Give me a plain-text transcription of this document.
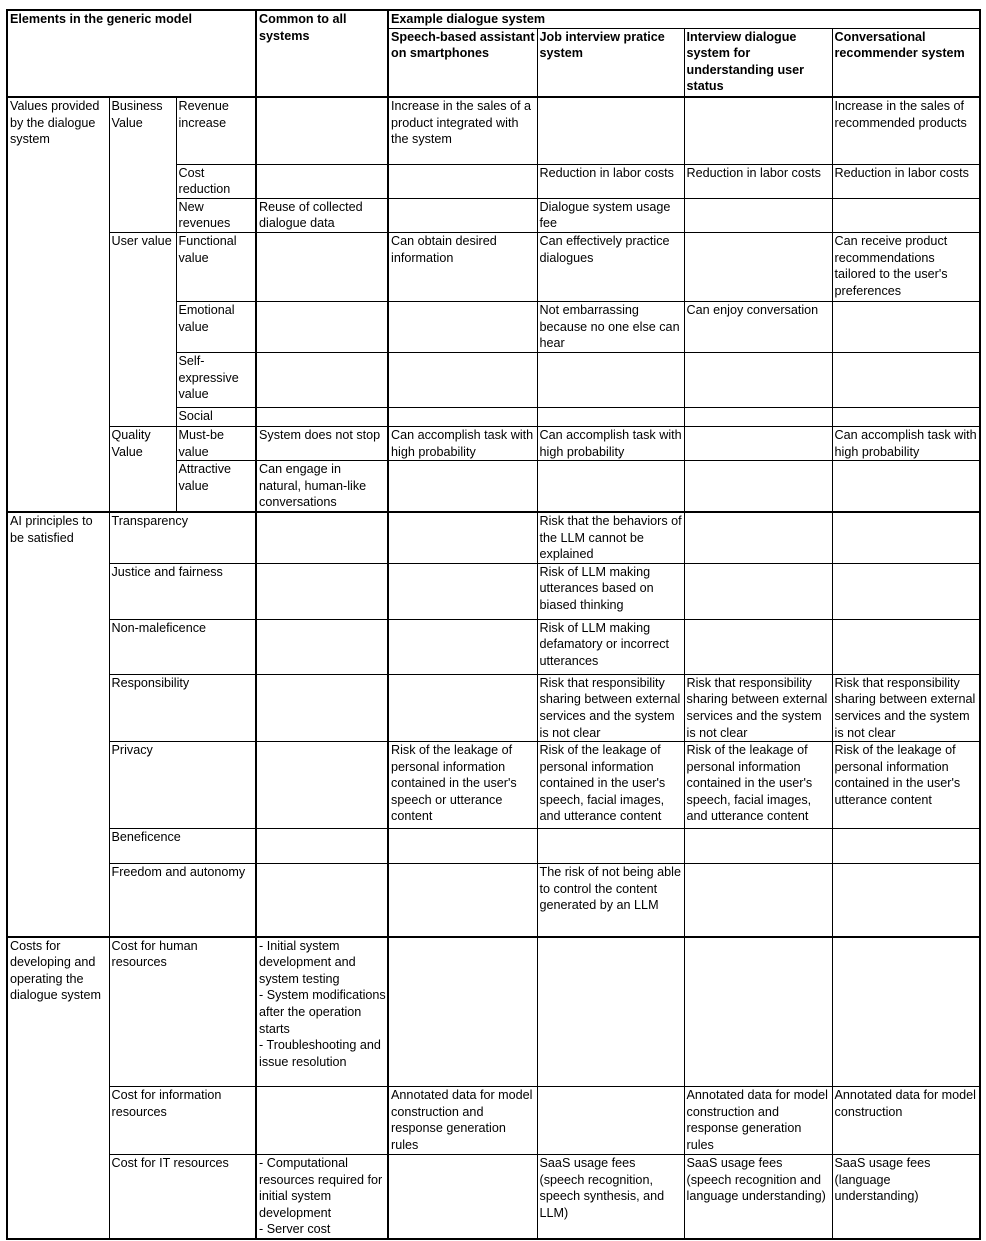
Elements in the generic model			Common to all systems	Example dialogue system			
				Speech-based assistant on smartphones	Job interview pratice system	Interview dialogue system for understanding user status	Conversational recommender system
Values provided by the dialogue system	Business Value	Revenue increase		Increase in the sales of a product integrated with the system			Increase in the sales of recommended products
		Cost reduction			Reduction in labor costs	Reduction in labor costs	Reduction in labor costs
		New revenues	Reuse of collected dialogue data		Dialogue system usage fee		
	User value	Functional value		Can obtain desired information	Can effectively practice dialogues		Can receive product recommendations tailored to the user's preferences
		Emotional value			Not embarrassing because no one else can hear	Can enjoy conversation	
		Self-
expressive value					
		Social					
	Quality Value	Must-be value	System does not stop	Can accomplish task with high probability	Can accomplish task with high probability		Can accomplish task with high probability
		Attractive value	Can engage in natural, human-like conversations				
AI principles to be satisfied	Transparency				Risk that the behaviors of the LLM cannot be explained		
	Justice and fairness				Risk of LLM making utterances based on biased thinking		
	Non-maleficence				Risk of LLM making defamatory or incorrect utterances		
	Responsibility				Risk that responsibility sharing between external services and the system is not clear	Risk that responsibility sharing between external services and the system is not clear	Risk that responsibility sharing between external services and the system is not clear
	Privacy			Risk of the leakage of personal information contained in the user's speech or utterance content	Risk of the leakage of personal information contained in the user's speech, facial images, and utterance content	Risk of the leakage of personal information contained in the user's speech, facial images, and utterance content	Risk of the leakage of personal information contained in the user's utterance content
	Beneficence						
	Freedom and autonomy				The risk of not being able to control the content generated by an LLM		
Costs for developing and operating the dialogue system	Cost for human resources		- Initial system development and system testing
- System modifications after the operation starts
- Troubleshooting and issue resolution				
	Cost for information resources			Annotated data for model construction and response generation rules		Annotated data for model construction and response generation rules	Annotated data for model construction
	Cost for IT resources		- Computational resources required for initial system development
- Server cost		SaaS usage fees (speech recognition, speech synthesis, and LLM)	SaaS usage fees (speech recognition and language understanding)	SaaS usage fees (language understanding)
